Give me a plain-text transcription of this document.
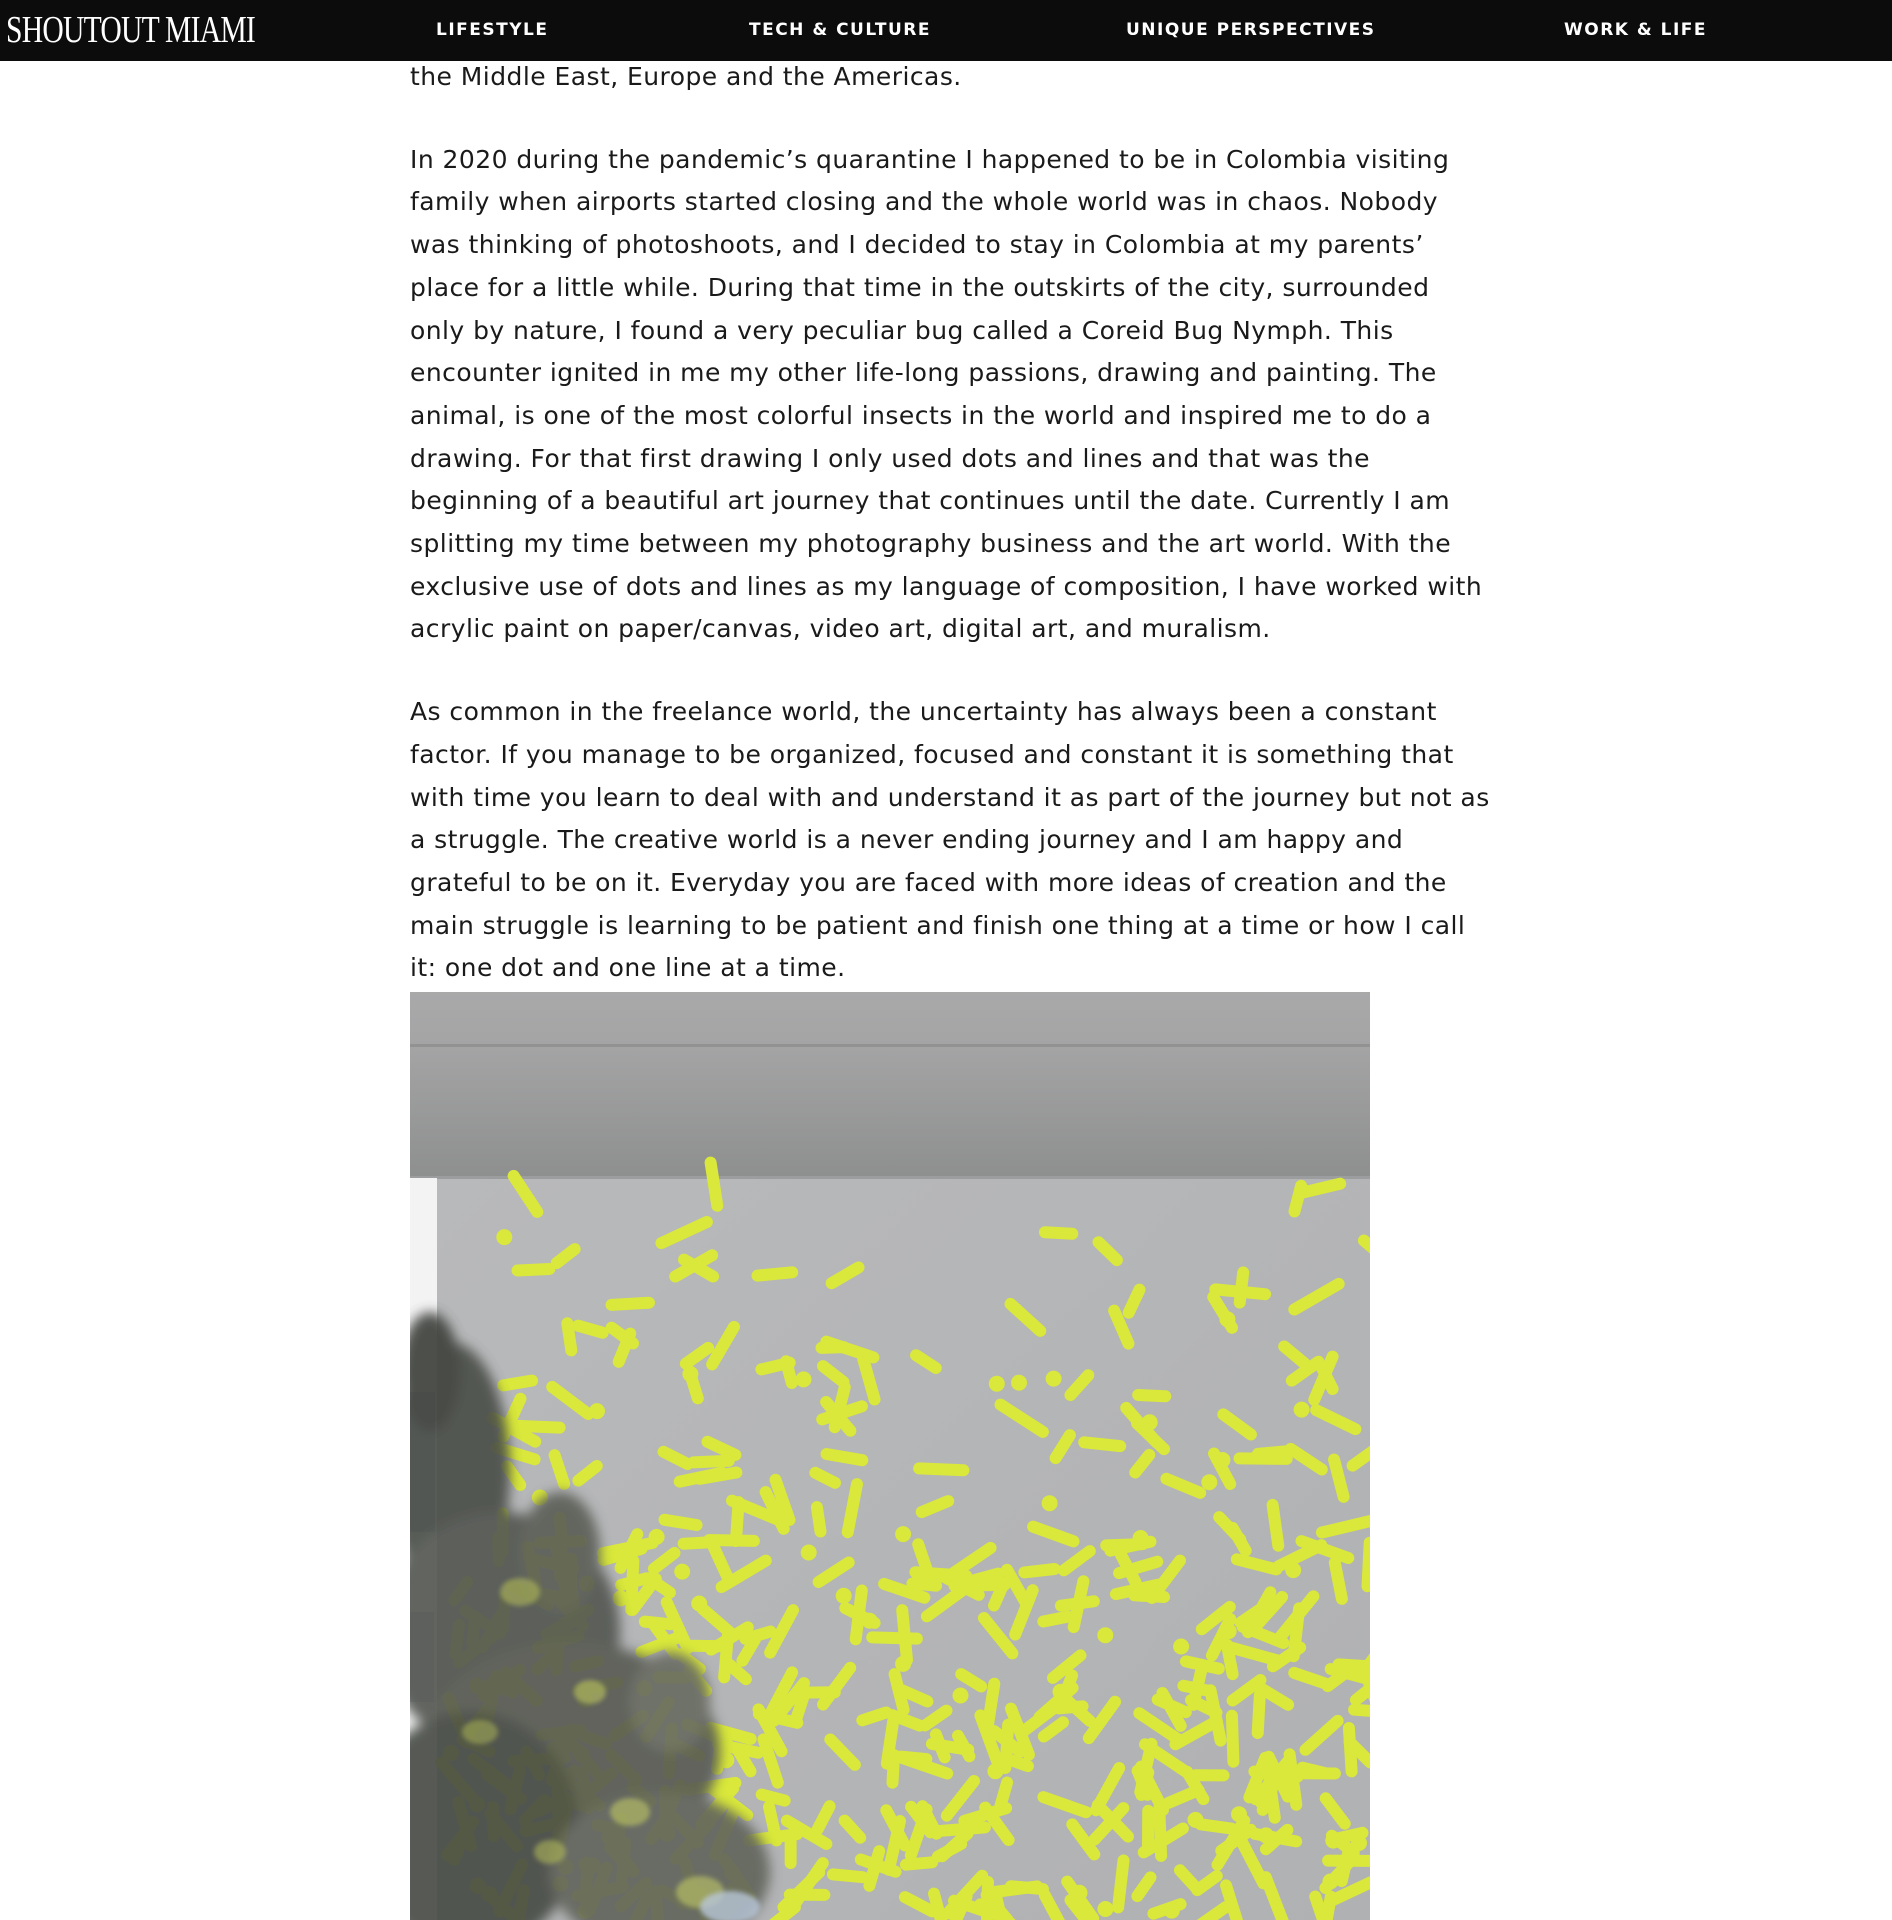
SHOUTOUT MIAMI	LIFESTYLE	TECH & CULTURE	UNIQUE PERSPECTIVES	WORK & LIFE

the Middle East, Europe and the Americas.

In 2020 during the pandemic’s quarantine I happened to be in Colombia visiting family when airports started closing and the whole world was in chaos. Nobody was thinking of photoshoots, and I decided to stay in Colombia at my parents’ place for a little while. During that time in the outskirts of the city, surrounded only by nature, I found a very peculiar bug called a Coreid Bug Nymph. This encounter ignited in me my other life-long passions, drawing and painting. The animal, is one of the most colorful insects in the world and inspired me to do a drawing. For that first drawing I only used dots and lines and that was the beginning of a beautiful art journey that continues until the date. Currently I am splitting my time between my photography business and the art world. With the exclusive use of dots and lines as my language of composition, I have worked with acrylic paint on paper/canvas, video art, digital art, and muralism.

As common in the freelance world, the uncertainty has always been a constant factor. If you manage to be organized, focused and constant it is something that with time you learn to deal with and understand it as part of the journey but not as a struggle. The creative world is a never ending journey and I am happy and grateful to be on it. Everyday you are faced with more ideas of creation and the main struggle is learning to be patient and finish one thing at a time or how I call it: one dot and one line at a time.
